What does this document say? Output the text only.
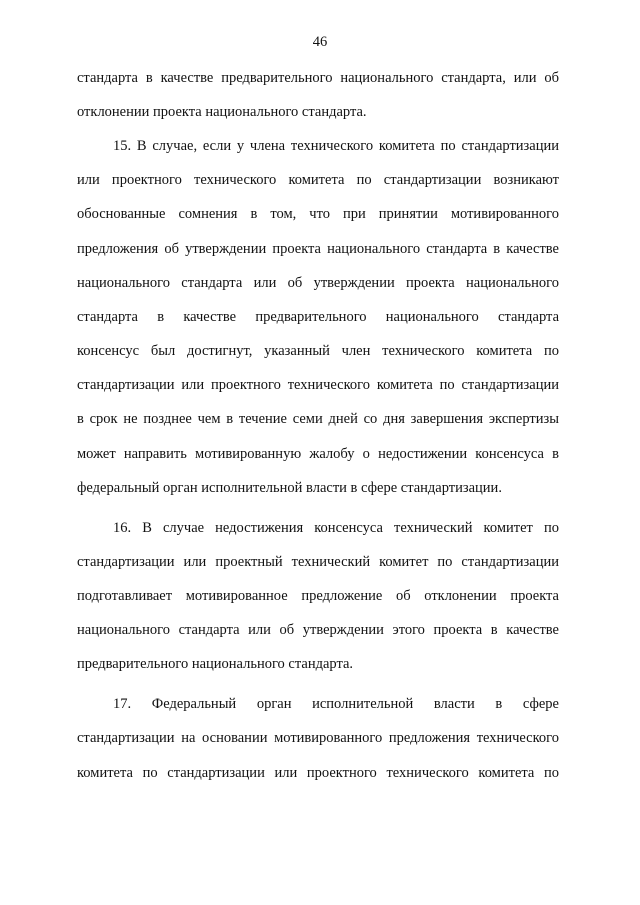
46
стандарта в качестве предварительного национального стандарта, или об
отклонении проекта национального стандарта.
15. В случае, если у члена технического комитета по стандартизации
или проектного технического комитета по стандартизации возникают
обоснованные сомнения в том, что при принятии мотивированного
предложения об утверждении проекта национального стандарта в качестве
национального стандарта или об утверждении проекта национального
стандарта в качестве предварительного национального стандарта
консенсус был достигнут, указанный член технического комитета по
стандартизации или проектного технического комитета по стандартизации
в срок не позднее чем в течение семи дней со дня завершения экспертизы
может направить мотивированную жалобу о недостижении консенсуса в
федеральный орган исполнительной власти в сфере стандартизации.
16. В случае недостижения консенсуса технический комитет по
стандартизации или проектный технический комитет по стандартизации
подготавливает мотивированное предложение об отклонении проекта
национального стандарта или об утверждении этого проекта в качестве
предварительного национального стандарта.
17. Федеральный орган исполнительной власти в сфере
стандартизации на основании мотивированного предложения технического
комитета по стандартизации или проектного технического комитета по
